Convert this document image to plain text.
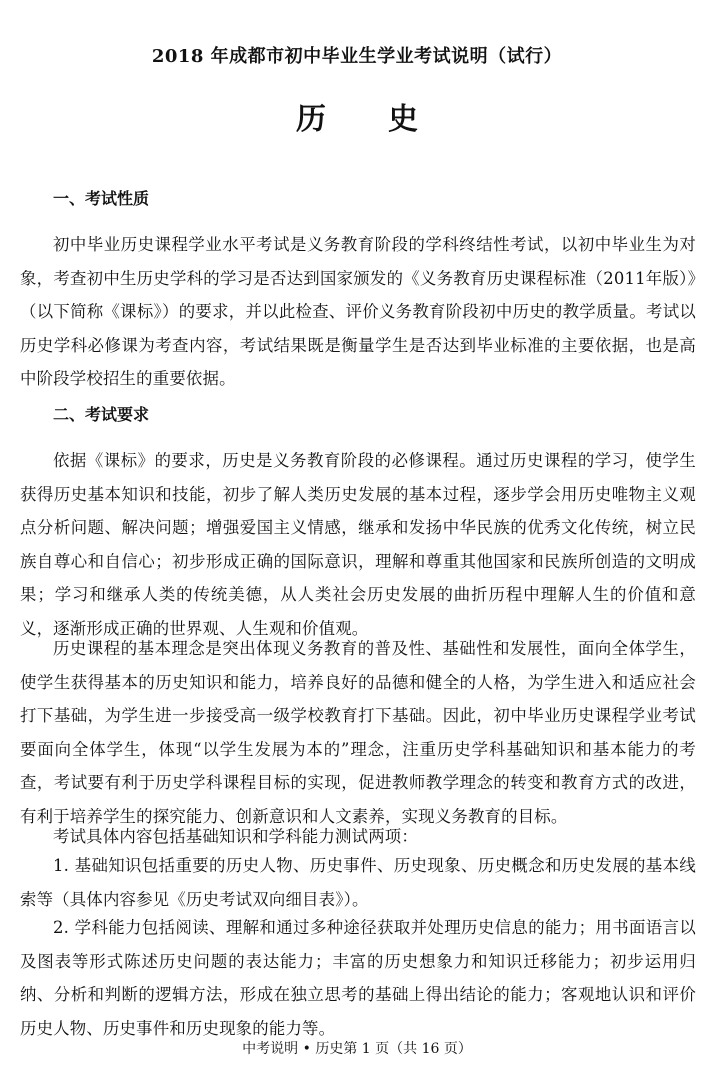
2018 年成都市初中毕业生学业考试说明（试行）
历史
一、考试性质

初中毕业历史课程学业水平考试是义务教育阶段的学科终结性考试，以初中毕业生为对象，考查初中生历史学科的学习是否达到国家颁发的《义务教育历史课程标准（2011年版）》（以下简称《课标》）的要求，并以此检查、评价义务教育阶段初中历史的教学质量。考试以历史学科必修课为考查内容，考试结果既是衡量学生是否达到毕业标准的主要依据，也是高中阶段学校招生的重要依据。

二、考试要求

依据《课标》的要求，历史是义务教育阶段的必修课程。通过历史课程的学习，使学生获得历史基本知识和技能，初步了解人类历史发展的基本过程，逐步学会用历史唯物主义观点分析问题、解决问题；增强爱国主义情感，继承和发扬中华民族的优秀文化传统，树立民族自尊心和自信心；初步形成正确的国际意识，理解和尊重其他国家和民族所创造的文明成果；学习和继承人类的传统美德，从人类社会历史发展的曲折历程中理解人生的价值和意义，逐渐形成正确的世界观、人生观和价值观。

历史课程的基本理念是突出体现义务教育的普及性、基础性和发展性，面向全体学生，使学生获得基本的历史知识和能力，培养良好的品德和健全的人格，为学生进入和适应社会打下基础，为学生进一步接受高一级学校教育打下基础。因此，初中毕业历史课程学业考试要面向全体学生，体现“以学生发展为本的”理念，注重历史学科基础知识和基本能力的考查，考试要有利于历史学科课程目标的实现，促进教师教学理念的转变和教育方式的改进，有利于培养学生的探究能力、创新意识和人文素养，实现义务教育的目标。

考试具体内容包括基础知识和学科能力测试两项：

1. 基础知识包括重要的历史人物、历史事件、历史现象、历史概念和历史发展的基本线索等（具体内容参见《历史考试双向细目表》）。

2. 学科能力包括阅读、理解和通过多种途径获取并处理历史信息的能力；用书面语言以及图表等形式陈述历史问题的表达能力；丰富的历史想象力和知识迁移能力；初步运用归纳、分析和判断的逻辑方法，形成在独立思考的基础上得出结论的能力；客观地认识和评价历史人物、历史事件和历史现象的能力等。

中考说明 • 历史第 1 页（共 16 页）
